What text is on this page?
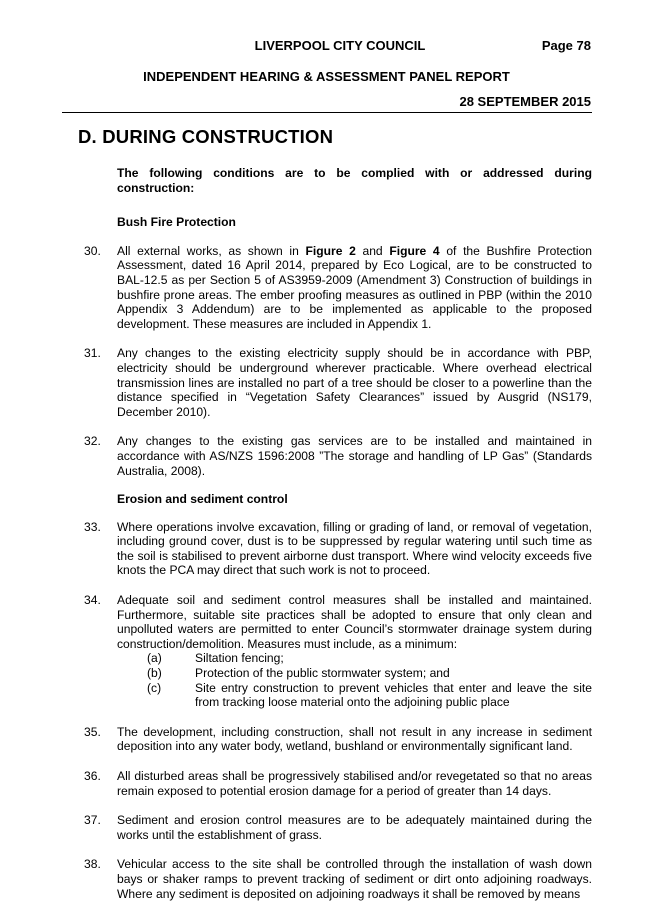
LIVERPOOL CITY COUNCIL	Page 78
INDEPENDENT HEARING & ASSESSMENT PANEL REPORT
28 SEPTEMBER 2015
D. DURING CONSTRUCTION

The following conditions are to be complied with or addressed during construction:

Bush Fire Protection

30.	All external works, as shown in Figure 2 and Figure 4 of the Bushfire Protection Assessment, dated 16 April 2014, prepared by Eco Logical, are to be constructed to BAL-12.5 as per Section 5 of AS3959-2009 (Amendment 3) Construction of buildings in bushfire prone areas. The ember proofing measures as outlined in PBP (within the 2010 Appendix 3 Addendum) are to be implemented as applicable to the proposed development. These measures are included in Appendix 1.
31.	Any changes to the existing electricity supply should be in accordance with PBP, electricity should be underground wherever practicable. Where overhead electrical transmission lines are installed no part of a tree should be closer to a powerline than the distance specified in “Vegetation Safety Clearances” issued by Ausgrid (NS179, December 2010).
32.	Any changes to the existing gas services are to be installed and maintained in accordance with AS/NZS 1596:2008 ”The storage and handling of LP Gas” (Standards Australia, 2008).

Erosion and sediment control

33.	Where operations involve excavation, filling or grading of land, or removal of vegetation, including ground cover, dust is to be suppressed by regular watering until such time as the soil is stabilised to prevent airborne dust transport. Where wind velocity exceeds five knots the PCA may direct that such work is not to proceed.
34.	Adequate soil and sediment control measures shall be installed and maintained. Furthermore, suitable site practices shall be adopted to ensure that only clean and unpolluted waters are permitted to enter Council’s stormwater drainage system during construction/demolition. Measures must include, as a minimum:
(a)	Siltation fencing;
(b)	Protection of the public stormwater system; and
(c)	Site entry construction to prevent vehicles that enter and leave the site from tracking loose material onto the adjoining public place
35.	The development, including construction, shall not result in any increase in sediment deposition into any water body, wetland, bushland or environmentally significant land.
36.	All disturbed areas shall be progressively stabilised and/or revegetated so that no areas remain exposed to potential erosion damage for a period of greater than 14 days.
37.	Sediment and erosion control measures are to be adequately maintained during the works until the establishment of grass.
38.	Vehicular access to the site shall be controlled through the installation of wash down bays or shaker ramps to prevent tracking of sediment or dirt onto adjoining roadways. Where any sediment is deposited on adjoining roadways it shall be removed by means
